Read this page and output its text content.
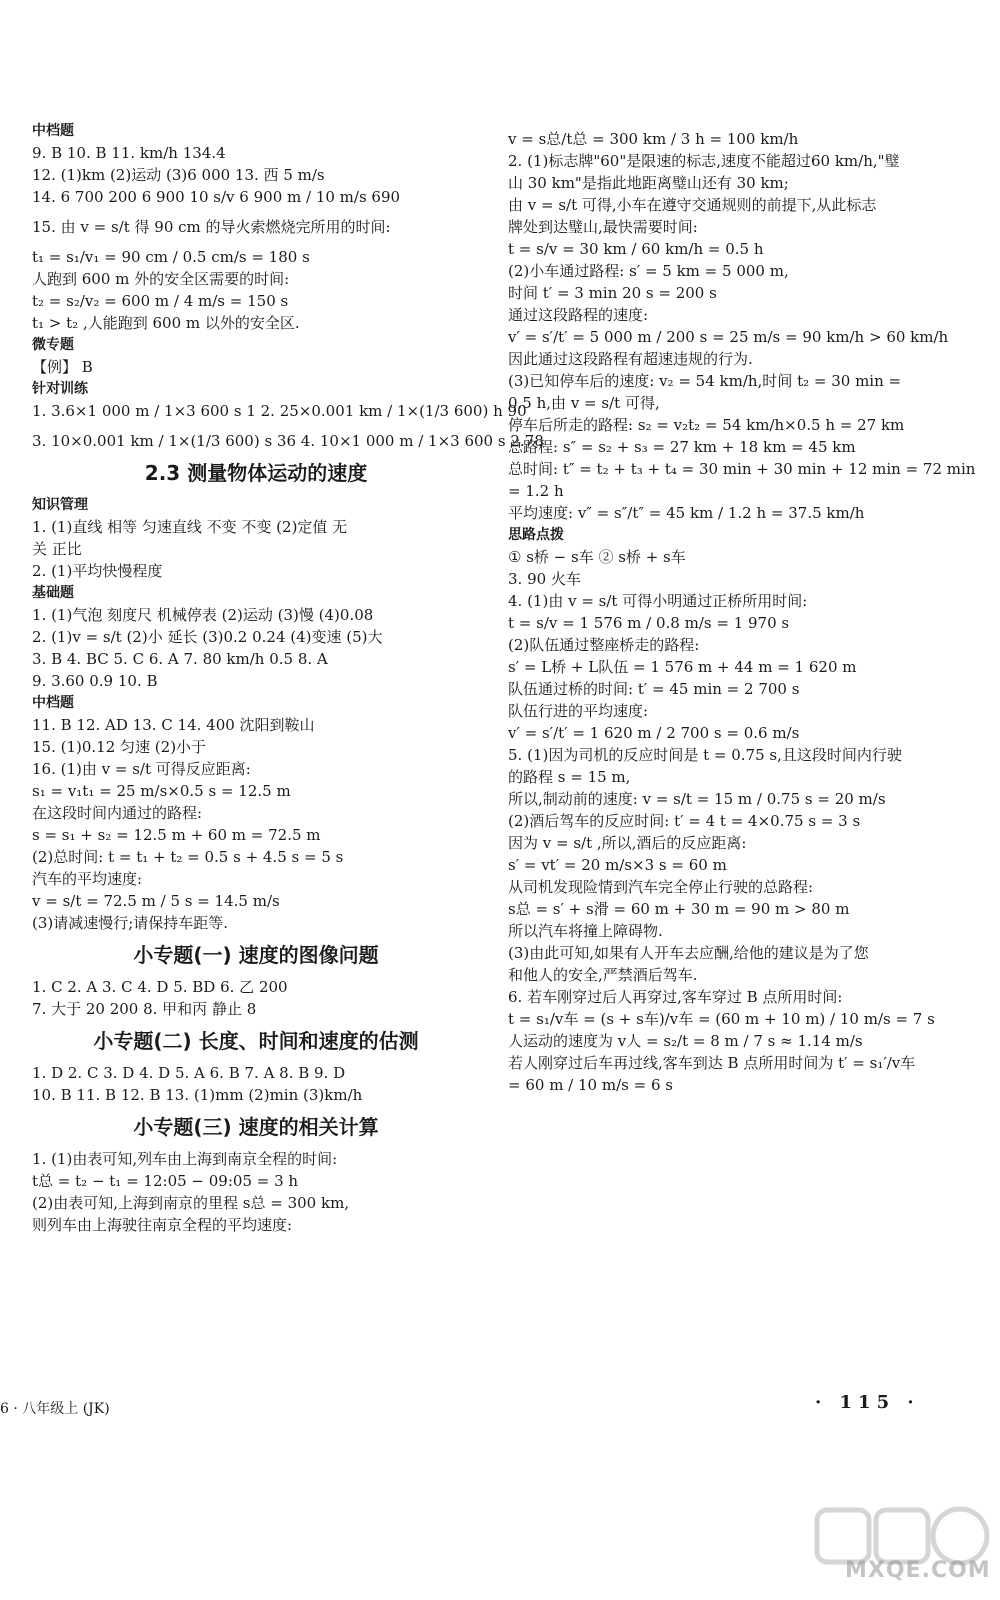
中档题
9. B 10. B 11. km/h 134.4
12. (1)km (2)运动 (3)6 000 13. 西 5 m/s
14. 6 700 200 6 900 10 s/v 6 900 m / 10 m/s 690
15. 由 v = s/t 得 90 cm 的导火索燃烧完所用的时间:
t₁ = s₁/v₁ = 90 cm / 0.5 cm/s = 180 s
人跑到 600 m 外的安全区需要的时间:
t₂ = s₂/v₂ = 600 m / 4 m/s = 150 s
t₁ > t₂ ,人能跑到 600 m 以外的安全区.
微专题
【例】 B
针对训练
1. 3.6×1 000 m / 1×3 600 s 1 2. 25×0.001 km / 1×(1/3 600) h 90
3. 10×0.001 km / 1×(1/3 600) s 36 4. 10×1 000 m / 1×3 600 s 2.78
2.3 测量物体运动的速度
知识管理
1. (1)直线 相等 匀速直线 不变 不变 (2)定值 无
关 正比
2. (1)平均快慢程度
基础题
1. (1)气泡 刻度尺 机械停表 (2)运动 (3)慢 (4)0.08
2. (1)v = s/t (2)小 延长 (3)0.2 0.24 (4)变速 (5)大
3. B 4. BC 5. C 6. A 7. 80 km/h 0.5 8. A
9. 3.60 0.9 10. B
中档题
11. B 12. AD 13. C 14. 400 沈阳到鞍山
15. (1)0.12 匀速 (2)小于
16. (1)由 v = s/t 可得反应距离:
s₁ = v₁t₁ = 25 m/s×0.5 s = 12.5 m
在这段时间内通过的路程:
s = s₁ + s₂ = 12.5 m + 60 m = 72.5 m
(2)总时间: t = t₁ + t₂ = 0.5 s + 4.5 s = 5 s
汽车的平均速度:
v = s/t = 72.5 m / 5 s = 14.5 m/s
(3)请减速慢行;请保持车距等.
小专题(一) 速度的图像问题
1. C 2. A 3. C 4. D 5. BD 6. 乙 200
7. 大于 20 200 8. 甲和丙 静止 8
小专题(二) 长度、时间和速度的估测
1. D 2. C 3. D 4. D 5. A 6. B 7. A 8. B 9. D
10. B 11. B 12. B 13. (1)mm (2)min (3)km/h
小专题(三) 速度的相关计算
1. (1)由表可知,列车由上海到南京全程的时间:
t总 = t₂ − t₁ = 12:05 − 09:05 = 3 h
(2)由表可知,上海到南京的里程 s总 = 300 km,
则列车由上海驶往南京全程的平均速度:
v = s总/t总 = 300 km / 3 h = 100 km/h
2. (1)标志牌"60"是限速的标志,速度不能超过60 km/h,"璧
山 30 km"是指此地距离璧山还有 30 km;
由 v = s/t 可得,小车在遵守交通规则的前提下,从此标志
牌处到达璧山,最快需要时间:
t = s/v = 30 km / 60 km/h = 0.5 h
(2)小车通过路程: s′ = 5 km = 5 000 m,
时间 t′ = 3 min 20 s = 200 s
通过这段路程的速度:
v′ = s′/t′ = 5 000 m / 200 s = 25 m/s = 90 km/h > 60 km/h
因此通过这段路程有超速违规的行为.
(3)已知停车后的速度: v₂ = 54 km/h,时间 t₂ = 30 min =
0.5 h,由 v = s/t 可得,
停车后所走的路程: s₂ = v₂t₂ = 54 km/h×0.5 h = 27 km
总路程: s″ = s₂ + s₃ = 27 km + 18 km = 45 km
总时间: t″ = t₂ + t₃ + t₄ = 30 min + 30 min + 12 min = 72 min
= 1.2 h
平均速度: v″ = s″/t″ = 45 km / 1.2 h = 37.5 km/h
思路点拨
① s桥 − s车 ② s桥 + s车
3. 90 火车
4. (1)由 v = s/t 可得小明通过正桥所用时间:
t = s/v = 1 576 m / 0.8 m/s = 1 970 s
(2)队伍通过整座桥走的路程:
s′ = L桥 + L队伍 = 1 576 m + 44 m = 1 620 m
队伍通过桥的时间: t′ = 45 min = 2 700 s
队伍行进的平均速度:
v′ = s′/t′ = 1 620 m / 2 700 s = 0.6 m/s
5. (1)因为司机的反应时间是 t = 0.75 s,且这段时间内行驶
的路程 s = 15 m,
所以,制动前的速度: v = s/t = 15 m / 0.75 s = 20 m/s
(2)酒后驾车的反应时间: t′ = 4 t = 4×0.75 s = 3 s
因为 v = s/t ,所以,酒后的反应距离:
s′ = vt′ = 20 m/s×3 s = 60 m
从司机发现险情到汽车完全停止行驶的总路程:
s总 = s′ + s滑 = 60 m + 30 m = 90 m > 80 m
所以汽车将撞上障碍物.
(3)由此可知,如果有人开车去应酬,给他的建议是为了您
和他人的安全,严禁酒后驾车.
6. 若车刚穿过后人再穿过,客车穿过 B 点所用时间:
t = s₁/v车 = (s + s车)/v车 = (60 m + 10 m) / 10 m/s = 7 s
人运动的速度为 v人 = s₂/t = 8 m / 7 s ≈ 1.14 m/s
若人刚穿过后车再过线,客车到达 B 点所用时间为 t′ = s₁′/v车
= 60 m / 10 m/s = 6 s
6 · 八年级上 (JK)	· 115 ·
MXQE.COM
